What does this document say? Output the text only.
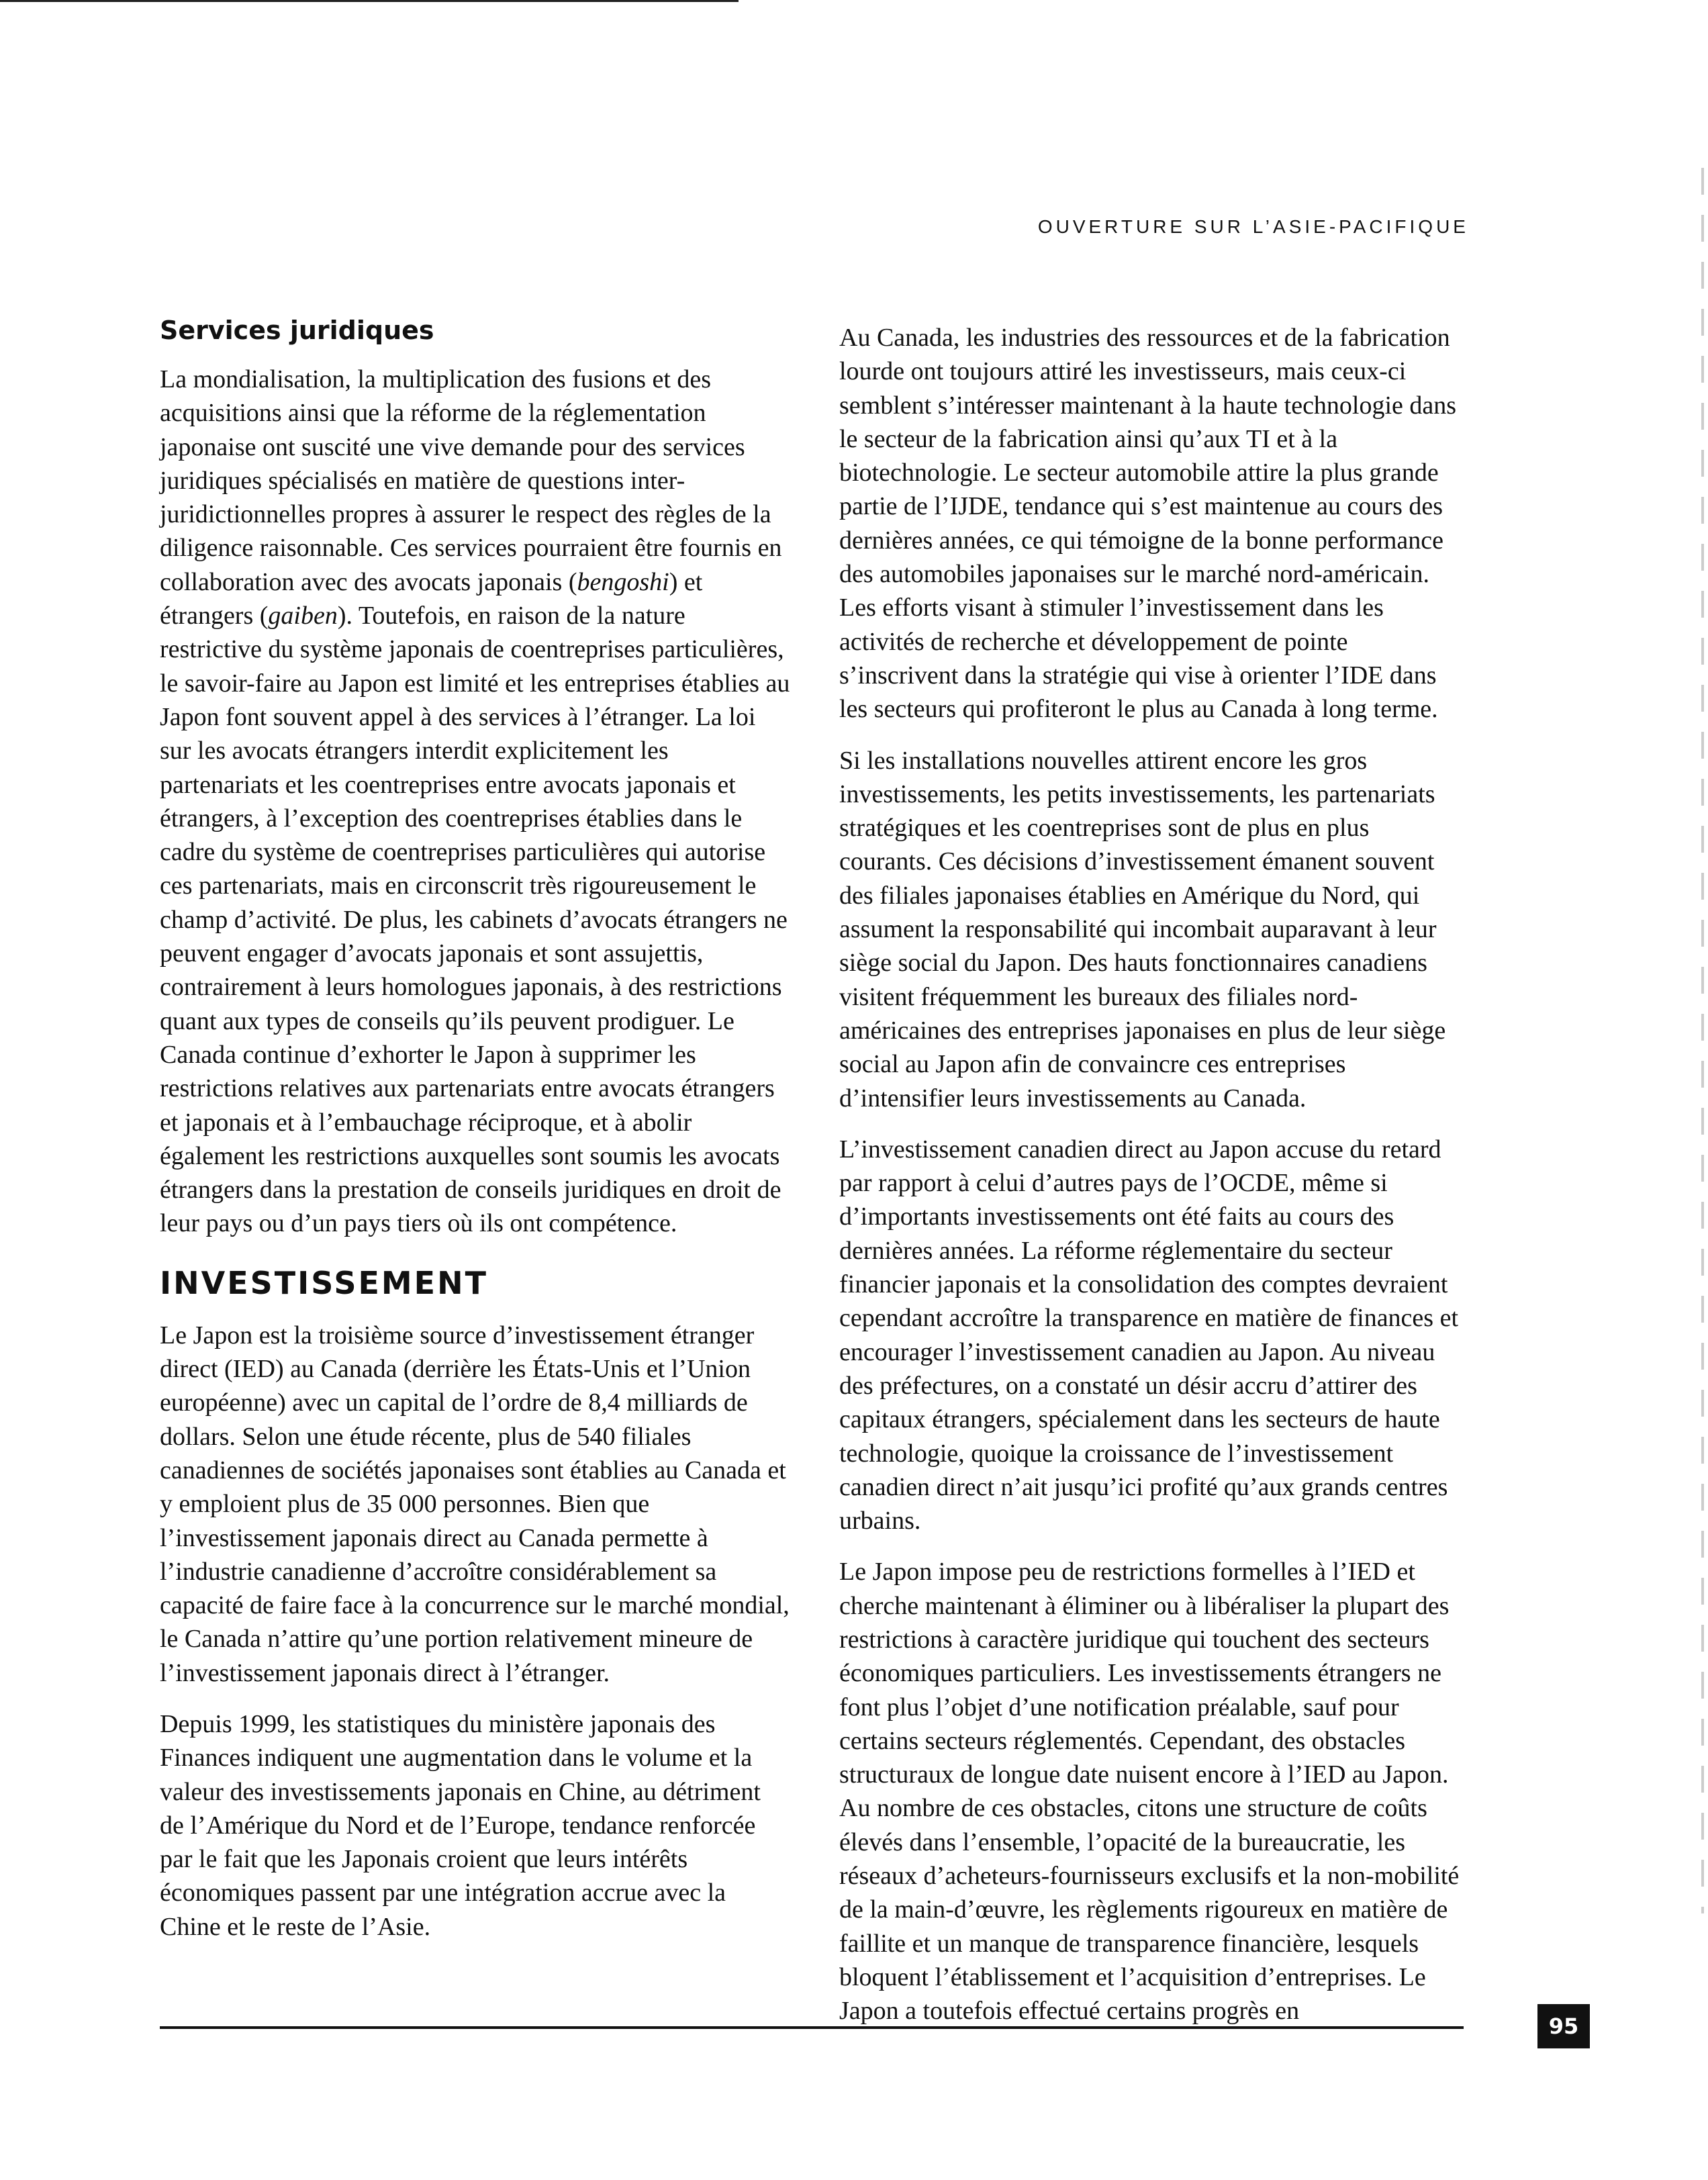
OUVERTURE SUR L’ASIE-PACIFIQUE
Services juridiques

La mondialisation, la multiplication des fusions et des acquisitions ainsi que la réforme de la réglementation japonaise ont suscité une vive demande pour des services juridiques spécialisés en matière de questions inter-juridictionnelles propres à assurer le respect des règles de la diligence raisonnable. Ces services pourraient être fournis en collaboration avec des avocats japonais (bengoshi) et étrangers (gaiben). Toutefois, en raison de la nature restrictive du système japonais de coentreprises particulières, le savoir-faire au Japon est limité et les entreprises établies au Japon font souvent appel à des services à l’étranger. La loi sur les avocats étrangers interdit explicitement les partenariats et les coentreprises entre avocats japonais et étrangers, à l’exception des coentreprises établies dans le cadre du système de coentreprises particulières qui autorise ces partenariats, mais en circonscrit très rigoureusement le champ d’activité. De plus, les cabinets d’avocats étrangers ne peuvent engager d’avocats japonais et sont assujettis, contrairement à leurs homologues japonais, à des restrictions quant aux types de conseils qu’ils peuvent prodiguer. Le Canada continue d’exhorter le Japon à supprimer les restrictions relatives aux partenariats entre avocats étrangers et japonais et à l’embauchage réciproque, et à abolir également les restrictions auxquelles sont soumis les avocats étrangers dans la prestation de conseils juridiques en droit de leur pays ou d’un pays tiers où ils ont compétence.

INVESTISSEMENT

Le Japon est la troisième source d’investissement étranger direct (IED) au Canada (derrière les États-Unis et l’Union européenne) avec un capital de l’ordre de 8,4 milliards de dollars. Selon une étude récente, plus de 540 filiales canadiennes de sociétés japonaises sont établies au Canada et y emploient plus de 35 000 personnes. Bien que l’investissement japonais direct au Canada permette à l’industrie canadienne d’accroître considérablement sa capacité de faire face à la concurrence sur le marché mondial, le Canada n’attire qu’une portion relativement mineure de l’investissement japonais direct à l’étranger.

Depuis 1999, les statistiques du ministère japonais des Finances indiquent une augmentation dans le volume et la valeur des investissements japonais en Chine, au détriment de l’Amérique du Nord et de l’Europe, tendance renforcée par le fait que les Japonais croient que leurs intérêts économiques passent par une intégration accrue avec la Chine et le reste de l’Asie.

Au Canada, les industries des ressources et de la fabrication lourde ont toujours attiré les investisseurs, mais ceux-ci semblent s’intéresser maintenant à la haute technologie dans le secteur de la fabrication ainsi qu’aux TI et à la biotechnologie. Le secteur automobile attire la plus grande partie de l’IJDE, tendance qui s’est maintenue au cours des dernières années, ce qui témoigne de la bonne performance des automobiles japonaises sur le marché nord-américain. Les efforts visant à stimuler l’investissement dans les activités de recherche et développement de pointe s’inscrivent dans la stratégie qui vise à orienter l’IDE dans les secteurs qui profiteront le plus au Canada à long terme.

Si les installations nouvelles attirent encore les gros investissements, les petits investissements, les partenariats stratégiques et les coentreprises sont de plus en plus courants. Ces décisions d’investissement émanent souvent des filiales japonaises établies en Amérique du Nord, qui assument la responsabilité qui incombait auparavant à leur siège social du Japon. Des hauts fonctionnaires canadiens visitent fréquemment les bureaux des filiales nord-américaines des entreprises japonaises en plus de leur siège social au Japon afin de convaincre ces entreprises d’intensifier leurs investissements au Canada.

L’investissement canadien direct au Japon accuse du retard par rapport à celui d’autres pays de l’OCDE, même si d’importants investissements ont été faits au cours des dernières années. La réforme réglementaire du secteur financier japonais et la consolidation des comptes devraient cependant accroître la transparence en matière de finances et encourager l’investissement canadien au Japon. Au niveau des préfectures, on a constaté un désir accru d’attirer des capitaux étrangers, spécialement dans les secteurs de haute technologie, quoique la croissance de l’investissement canadien direct n’ait jusqu’ici profité qu’aux grands centres urbains.

Le Japon impose peu de restrictions formelles à l’IED et cherche maintenant à éliminer ou à libéraliser la plupart des restrictions à caractère juridique qui touchent des secteurs économiques particuliers. Les investissements étrangers ne font plus l’objet d’une notification préalable, sauf pour certains secteurs réglementés. Cependant, des obstacles structuraux de longue date nuisent encore à l’IED au Japon. Au nombre de ces obstacles, citons une structure de coûts élevés dans l’ensemble, l’opacité de la bureaucratie, les réseaux d’acheteurs-fournisseurs exclusifs et la non-mobilité de la main-d’œuvre, les règlements rigoureux en matière de faillite et un manque de transparence financière, lesquels bloquent l’établissement et l’acquisition d’entreprises. Le Japon a toutefois effectué certains progrès en

95
